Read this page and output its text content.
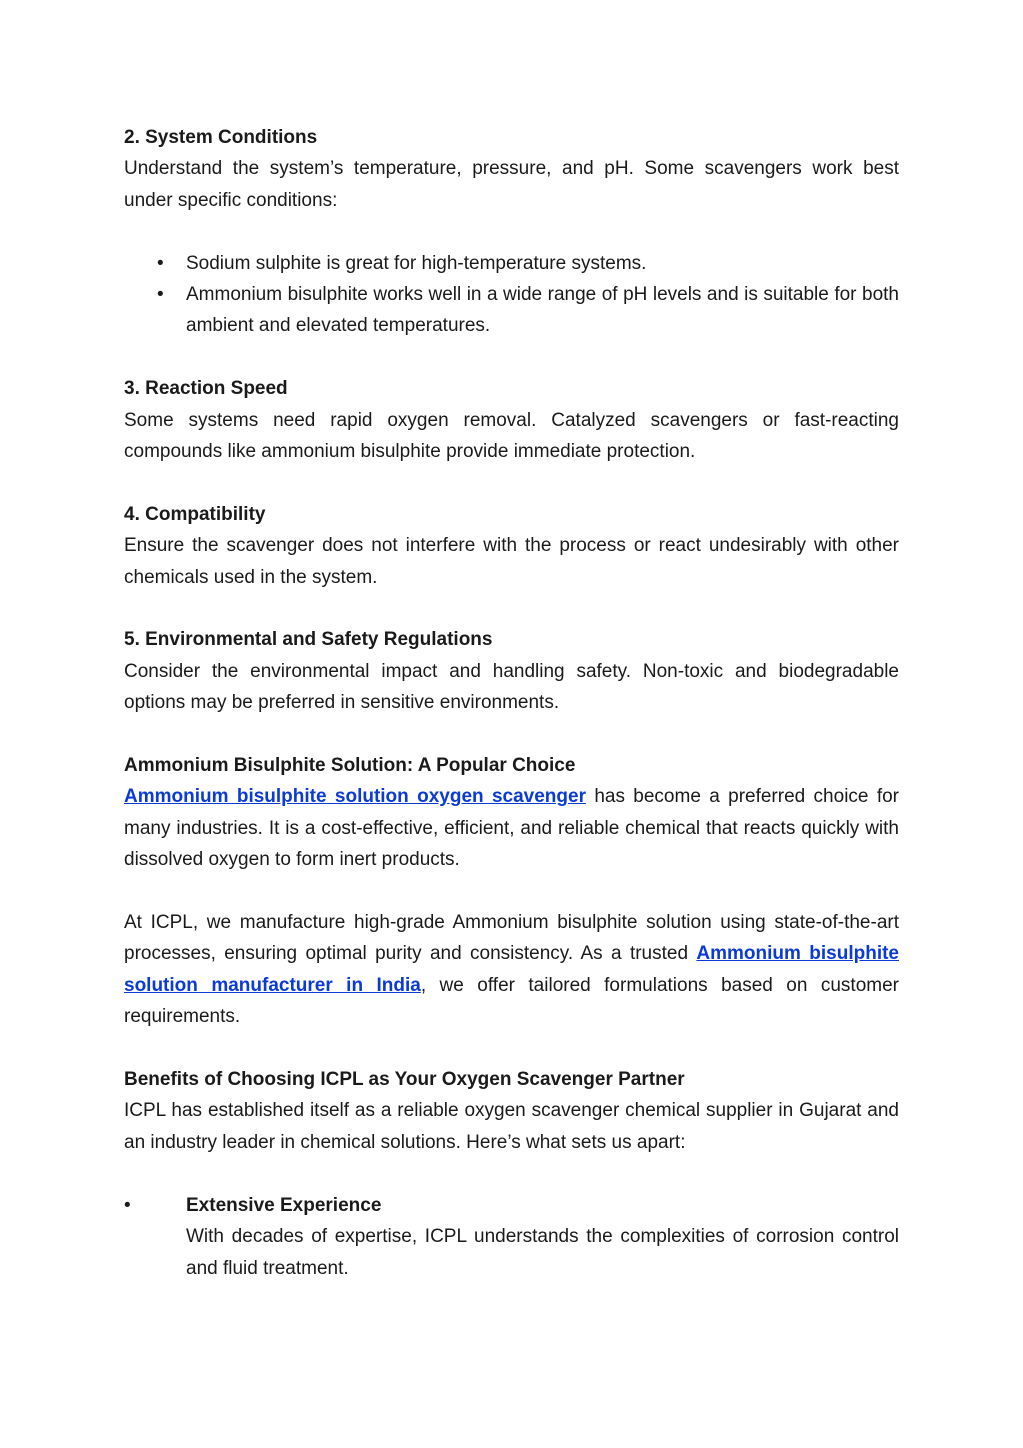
2. System Conditions

Understand the system’s temperature, pressure, and pH. Some scavengers work best under specific conditions:

• Sodium sulphite is great for high-temperature systems.
• Ammonium bisulphite works well in a wide range of pH levels and is suitable for both ambient and elevated temperatures.

3. Reaction Speed

Some systems need rapid oxygen removal. Catalyzed scavengers or fast-reacting compounds like ammonium bisulphite provide immediate protection.

4. Compatibility

Ensure the scavenger does not interfere with the process or react undesirably with other chemicals used in the system.

5. Environmental and Safety Regulations

Consider the environmental impact and handling safety. Non-toxic and biodegradable options may be preferred in sensitive environments.

Ammonium Bisulphite Solution: A Popular Choice

Ammonium bisulphite solution oxygen scavenger has become a preferred choice for many industries. It is a cost-effective, efficient, and reliable chemical that reacts quickly with dissolved oxygen to form inert products.

At ICPL, we manufacture high-grade Ammonium bisulphite solution using state-of-the-art processes, ensuring optimal purity and consistency. As a trusted Ammonium bisulphite solution manufacturer in India, we offer tailored formulations based on customer requirements.

Benefits of Choosing ICPL as Your Oxygen Scavenger Partner

ICPL has established itself as a reliable oxygen scavenger chemical supplier in Gujarat and an industry leader in chemical solutions. Here’s what sets us apart:

•	Extensive Experience
With decades of expertise, ICPL understands the complexities of corrosion control and fluid treatment.
